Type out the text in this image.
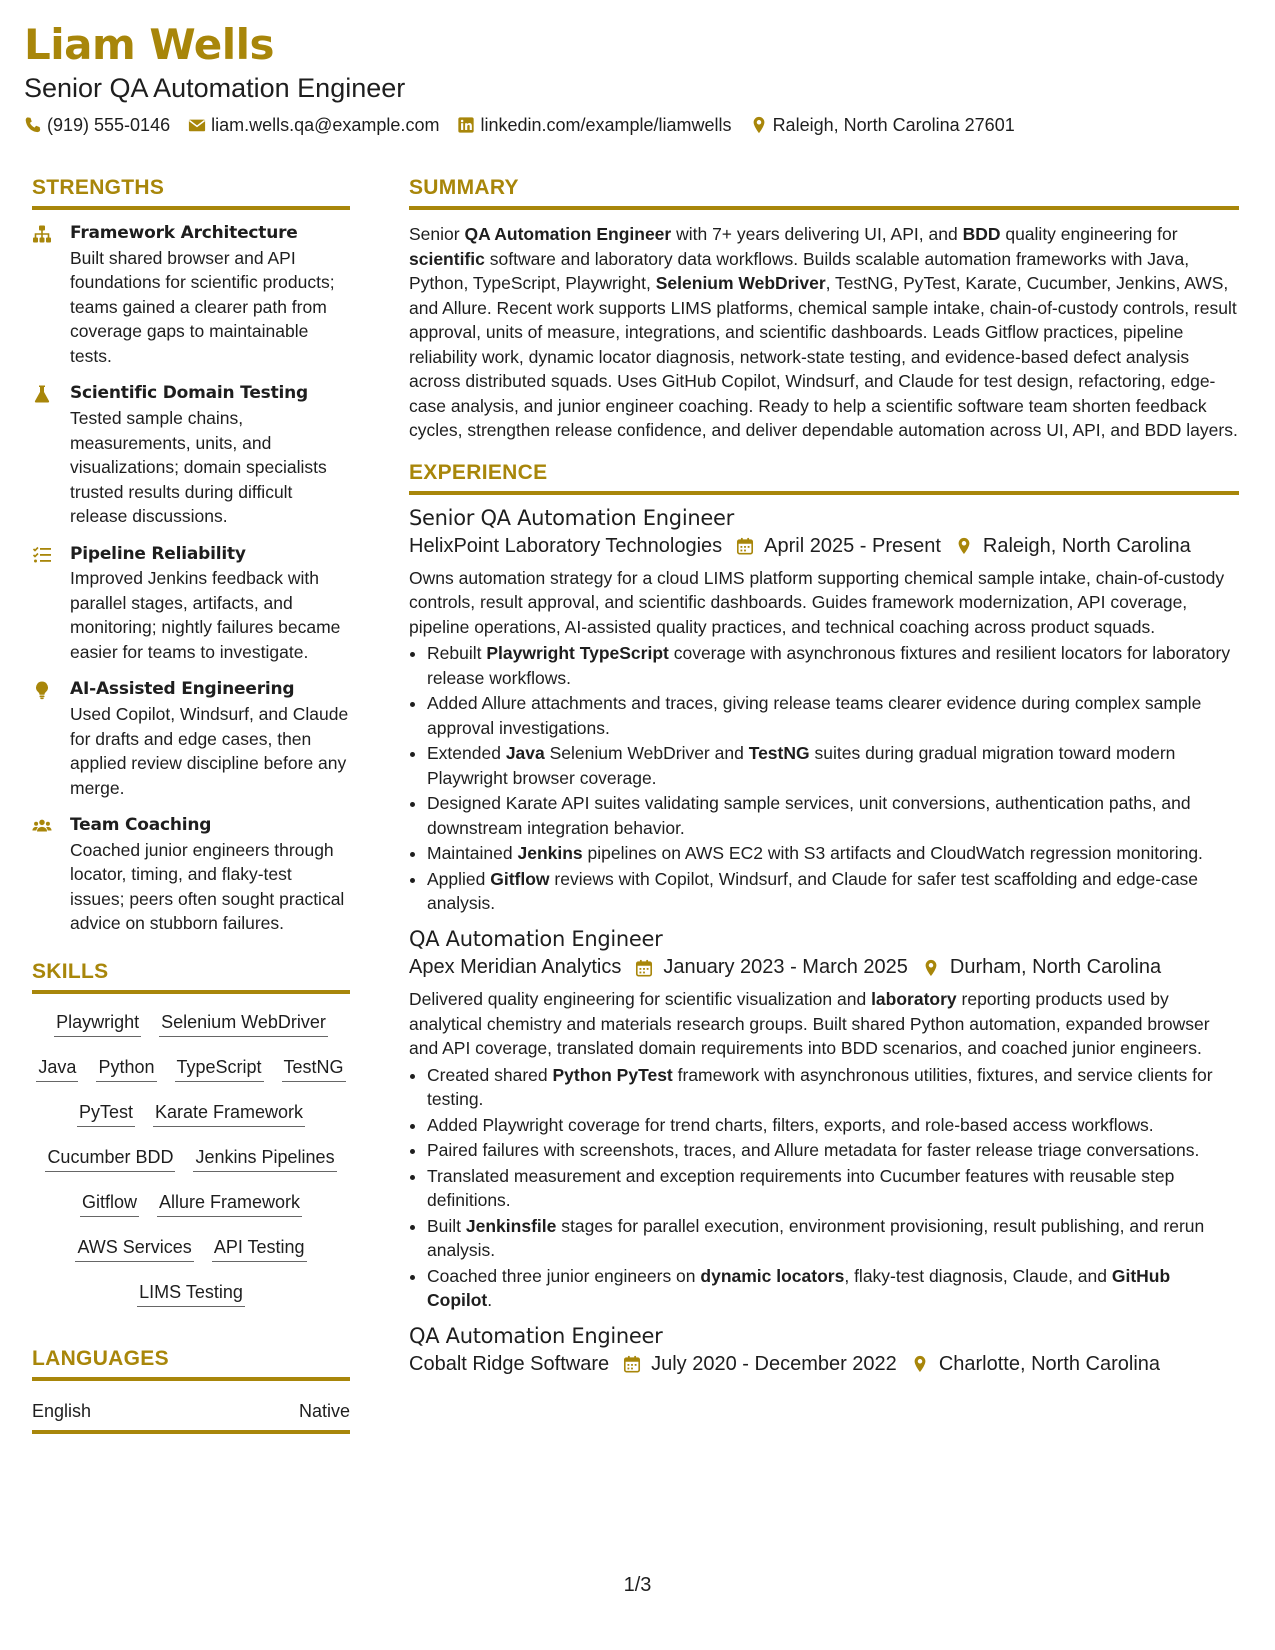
Liam Wells
Senior QA Automation Engineer
(919) 555-0146 liam.wells.qa@example.com linkedin.com/example/liamwells Raleigh, North Carolina 27601
STRENGTHS
Framework Architecture
Built shared browser and API foundations for scientific products; teams gained a clearer path from coverage gaps to maintainable tests.
Scientific Domain Testing
Tested sample chains, measurements, units, and visualizations; domain specialists trusted results during difficult release discussions.
Pipeline Reliability
Improved Jenkins feedback with parallel stages, artifacts, and monitoring; nightly failures became easier for teams to investigate.
AI-Assisted Engineering
Used Copilot, Windsurf, and Claude for drafts and edge cases, then applied review discipline before any merge.
Team Coaching
Coached junior engineers through locator, timing, and flaky-test issues; peers often sought practical advice on stubborn failures.
SKILLS
Playwright Selenium WebDriver
Java Python TypeScript TestNG
PyTest Karate Framework
Cucumber BDD Jenkins Pipelines
Gitflow Allure Framework
AWS Services API Testing
LIMS Testing
LANGUAGES
English	Native
SUMMARY
Senior QA Automation Engineer with 7+ years delivering UI, API, and BDD quality engineering for scientific software and laboratory data workflows. Builds scalable automation frameworks with Java, Python, TypeScript, Playwright, Selenium WebDriver, TestNG, PyTest, Karate, Cucumber, Jenkins, AWS, and Allure. Recent work supports LIMS platforms, chemical sample intake, chain-of-custody controls, result approval, units of measure, integrations, and scientific dashboards. Leads Gitflow practices, pipeline reliability work, dynamic locator diagnosis, network-state testing, and evidence-based defect analysis across distributed squads. Uses GitHub Copilot, Windsurf, and Claude for test design, refactoring, edge-case analysis, and junior engineer coaching. Ready to help a scientific software team shorten feedback cycles, strengthen release confidence, and deliver dependable automation across UI, API, and BDD layers.
EXPERIENCE
Senior QA Automation Engineer
HelixPoint Laboratory Technologies April 2025 - Present Raleigh, North Carolina
Owns automation strategy for a cloud LIMS platform supporting chemical sample intake, chain-of-custody controls, result approval, and scientific dashboards. Guides framework modernization, API coverage, pipeline operations, AI-assisted quality practices, and technical coaching across product squads.
• Rebuilt Playwright TypeScript coverage with asynchronous fixtures and resilient locators for laboratory release workflows.
• Added Allure attachments and traces, giving release teams clearer evidence during complex sample approval investigations.
• Extended Java Selenium WebDriver and TestNG suites during gradual migration toward modern Playwright browser coverage.
• Designed Karate API suites validating sample services, unit conversions, authentication paths, and downstream integration behavior.
• Maintained Jenkins pipelines on AWS EC2 with S3 artifacts and CloudWatch regression monitoring.
• Applied Gitflow reviews with Copilot, Windsurf, and Claude for safer test scaffolding and edge-case analysis.
QA Automation Engineer
Apex Meridian Analytics January 2023 - March 2025 Durham, North Carolina
Delivered quality engineering for scientific visualization and laboratory reporting products used by analytical chemistry and materials research groups. Built shared Python automation, expanded browser and API coverage, translated domain requirements into BDD scenarios, and coached junior engineers.
• Created shared Python PyTest framework with asynchronous utilities, fixtures, and service clients for testing.
• Added Playwright coverage for trend charts, filters, exports, and role-based access workflows.
• Paired failures with screenshots, traces, and Allure metadata for faster release triage conversations.
• Translated measurement and exception requirements into Cucumber features with reusable step definitions.
• Built Jenkinsfile stages for parallel execution, environment provisioning, result publishing, and rerun analysis.
• Coached three junior engineers on dynamic locators, flaky-test diagnosis, Claude, and GitHub Copilot.
QA Automation Engineer
Cobalt Ridge Software July 2020 - December 2022 Charlotte, North Carolina
1/3
